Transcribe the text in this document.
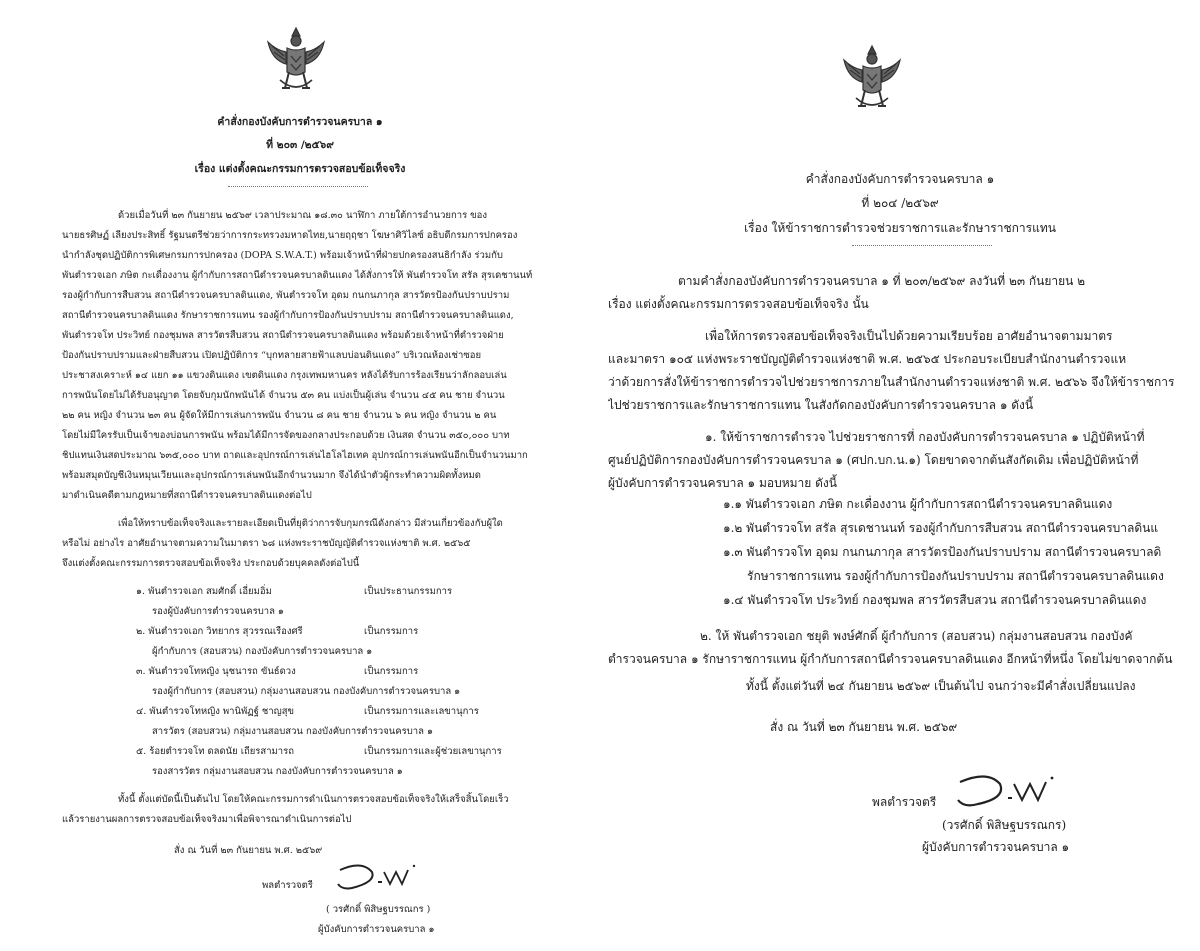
คำสั่งกองบังคับการตำรวจนครบาล ๑
ที่ ๒๐๓ /๒๕๖๙
เรื่อง แต่งตั้งคณะกรรมการตรวจสอบข้อเท็จจริง
ด้วยเมื่อวันที่ ๒๓ กันยายน ๒๕๖๙ เวลาประมาณ ๑๘.๓๐ นาฬิกา ภายใต้การอำนวยการ ของ
นายธรศิษฏ์ เลียงประสิทธิ์ รัฐมนตรีช่วยว่าการกระทรวงมหาดไทย,นายฤฤชา โฆษาศิวิไลซ์ อธิบดีกรมการปกครอง
นำกำลังชุดปฏิบัติการพิเศษกรมการปกครอง (DOPA S.W.A.T.) พร้อมเจ้าหน้าที่ฝ่ายปกครองสนธิกำลัง ร่วมกับ
พันตำรวจเอก ภษิต กะเดื่องงาน ผู้กำกับการสถานีตำรวจนครบาลดินแดง ได้สั่งการให้ พันตำรวจโท สรัล สุรเดชานนท์
รองผู้กำกับการสืบสวน สถานีตำรวจนครบาลดินแดง, พันตำรวจโท อุดม กนกนภากุล สารวัตรป้องกันปราบปราม
สถานีตำรวจนครบาลดินแดง รักษาราชการแทน รองผู้กำกับการป้องกันปราบปราม สถานีตำรวจนครบาลดินแดง,
พันตำรวจโท ประวิทย์ กองชุมพล สารวัตรสืบสวน สถานีตำรวจนครบาลดินแดง พร้อมด้วยเจ้าหน้าที่ตำรวจฝ่าย
ป้องกันปราบปรามและฝ่ายสืบสวน เปิดปฏิบัติการ “บุกทลายสายฟ้าแลบบ่อนดินแดง” บริเวณห้องเช่าซอย
ประชาสงเคราะห์ ๑๔ แยก ๑๑ แขวงดินแดง เขตดินแดง กรุงเทพมหานคร หลังได้รับการร้องเรียนว่าลักลอบเล่น
การพนันโดยไม่ได้รับอนุญาต โดยจับกุมนักพนันได้ จำนวน ๕๓ คน แบ่งเป็นผู้เล่น จำนวน ๔๕ คน ชาย จำนวน
๒๒ คน หญิง จำนวน ๒๓ คน ผู้จัดให้มีการเล่นการพนัน จำนวน ๘ คน ชาย จำนวน ๖ คน หญิง จำนวน ๒ คน
โดยไม่มีใครรับเป็นเจ้าของบ่อนการพนัน พร้อมได้มีการจัดของกลางประกอบด้วย เงินสด จำนวน ๓๕๐,๐๐๐ บาท
ชิปแทนเงินสดประมาณ ๖๓๕,๐๐๐ บาท ถาดและอุปกรณ์การเล่นไฮโลไฮเทค อุปกรณ์การเล่นพนันอีกเป็นจำนวนมาก
พร้อมสมุดบัญชีเงินหมุนเวียนและอุปกรณ์การเล่นพนันอีกจำนวนมาก จึงได้นำตัวผู้กระทำความผิดทั้งหมด
มาดำเนินคดีตามกฎหมายที่สถานีตำรวจนครบาลดินแดงต่อไป
เพื่อให้ทราบข้อเท็จจริงและรายละเอียดเป็นที่ยุติว่าการจับกุมกรณีดังกล่าว มีส่วนเกี่ยวข้องกับผู้ใด
หรือไม่ อย่างไร อาศัยอำนาจตามความในมาตรา ๖๘ แห่งพระราชบัญญัติตำรวจแห่งชาติ พ.ศ. ๒๕๖๕
จึงแต่งตั้งคณะกรรมการตรวจสอบข้อเท็จจริง ประกอบด้วยบุคคลดังต่อไปนี้
๑. พันตำรวจเอก สมศักดิ์ เอี่ยมอิ่ม	เป็นประธานกรรมการ
รองผู้บังคับการตำรวจนครบาล ๑
๒. พันตำรวจเอก วิทยากร สุวรรณเรืองศรี	เป็นกรรมการ
ผู้กำกับการ (สอบสวน) กองบังคับการตำรวจนครบาล ๑
๓. พันตำรวจโทหญิง นุชนารถ ขันธ์ดวง	เป็นกรรมการ
รองผู้กำกับการ (สอบสวน) กลุ่มงานสอบสวน กองบังคับการตำรวจนครบาล ๑
๔. พันตำรวจโทหญิง พานิพัฏฐ์ ชาญสุข	เป็นกรรมการและเลขานุการ
สารวัตร (สอบสวน) กลุ่มงานสอบสวน กองบังคับการตำรวจนครบาล ๑
๕. ร้อยตำรวจโท ดลดนัย เถียรสามารถ	เป็นกรรมการและผู้ช่วยเลขานุการ
รองสารวัตร กลุ่มงานสอบสวน กองบังคับการตำรวจนครบาล ๑
ทั้งนี้ ตั้งแต่บัดนี้เป็นต้นไป โดยให้คณะกรรมการดำเนินการตรวจสอบข้อเท็จจริงให้เสร็จสิ้นโดยเร็ว
แล้วรายงานผลการตรวจสอบข้อเท็จจริงมาเพื่อพิจารณาดำเนินการต่อไป
สั่ง ณ วันที่ ๒๓ กันยายน พ.ศ. ๒๕๖๙
พลตำรวจตรี
( วรศักดิ์ พิสิษฐบรรณกร )
ผู้บังคับการตำรวจนครบาล ๑
คำสั่งกองบังคับการตำรวจนครบาล ๑
ที่ ๒๐๔ /๒๕๖๙
เรื่อง ให้ข้าราชการตำรวจช่วยราชการและรักษาราชการแทน
ตามคำสั่งกองบังคับการตำรวจนครบาล ๑ ที่ ๒๐๓/๒๕๖๙ ลงวันที่ ๒๓ กันยายน ๒
เรื่อง แต่งตั้งคณะกรรมการตรวจสอบข้อเท็จจริง นั้น
เพื่อให้การตรวจสอบข้อเท็จจริงเป็นไปด้วยความเรียบร้อย อาศัยอำนาจตามมาตร
และมาตรา ๑๐๕ แห่งพระราชบัญญัติตำรวจแห่งชาติ พ.ศ. ๒๕๖๕ ประกอบระเบียบสำนักงานตำรวจแห
ว่าด้วยการสั่งให้ข้าราชการตำรวจไปช่วยราชการภายในสำนักงานตำรวจแห่งชาติ พ.ศ. ๒๕๖๖ จึงให้ข้าราชการ
ไปช่วยราชการและรักษาราชการแทน ในสังกัดกองบังคับการตำรวจนครบาล ๑ ดังนี้
๑. ให้ข้าราชการตำรวจ ไปช่วยราชการที่ กองบังคับการตำรวจนครบาล ๑ ปฏิบัติหน้าที่
ศูนย์ปฏิบัติการกองบังคับการตำรวจนครบาล ๑ (ศปก.บก.น.๑) โดยขาดจากต้นสังกัดเดิม เพื่อปฏิบัติหน้าที่
ผู้บังคับการตำรวจนครบาล ๑ มอบหมาย ดังนี้
๑.๑ พันตำรวจเอก ภษิต กะเดื่องงาน ผู้กำกับการสถานีตำรวจนครบาลดินแดง
๑.๒ พันตำรวจโท สรัล สุรเดชานนท์ รองผู้กำกับการสืบสวน สถานีตำรวจนครบาลดินแ
๑.๓ พันตำรวจโท อุดม กนกนภากุล สารวัตรป้องกันปราบปราม สถานีตำรวจนครบาลดิ
รักษาราชการแทน รองผู้กำกับการป้องกันปราบปราม สถานีตำรวจนครบาลดินแดง
๑.๔ พันตำรวจโท ประวิทย์ กองชุมพล สารวัตรสืบสวน สถานีตำรวจนครบาลดินแดง
๒. ให้ พันตำรวจเอก ชยุติ พงษ์ศักดิ์ ผู้กำกับการ (สอบสวน) กลุ่มงานสอบสวน กองบังคั
ตำรวจนครบาล ๑ รักษาราชการแทน ผู้กำกับการสถานีตำรวจนครบาลดินแดง อีกหน้าที่หนึ่ง โดยไม่ขาดจากต้น
ทั้งนี้ ตั้งแต่วันที่ ๒๔ กันยายน ๒๕๖๙ เป็นต้นไป จนกว่าจะมีคำสั่งเปลี่ยนแปลง
สั่ง ณ วันที่ ๒๓ กันยายน พ.ศ. ๒๕๖๙
พลตำรวจตรี
(วรศักดิ์ พิสิษฐบรรณกร)
ผู้บังคับการตำรวจนครบาล ๑
